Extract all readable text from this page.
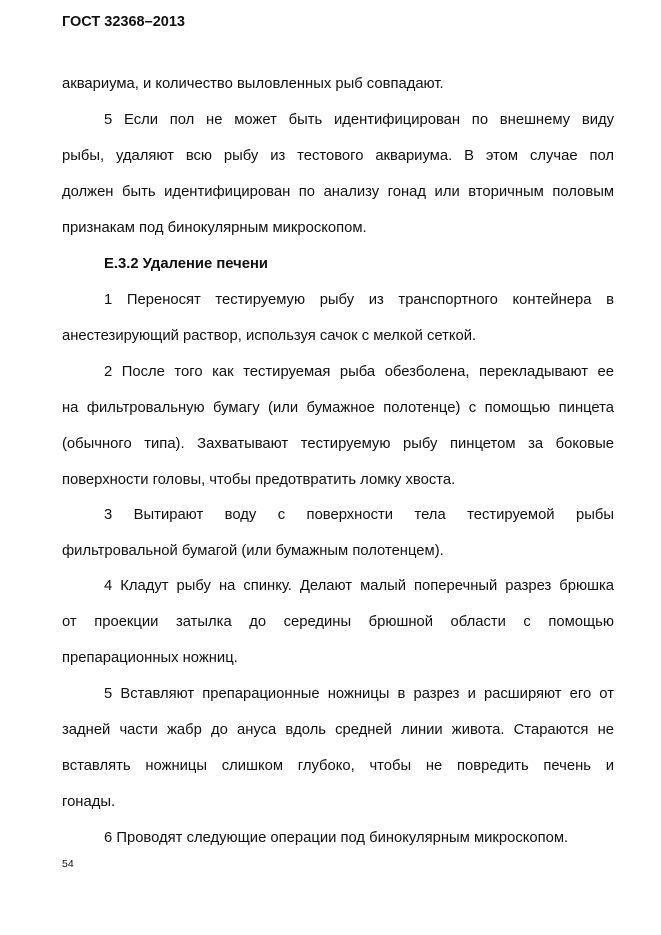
ГОСТ 32368–2013
аквариума, и количество выловленных рыб совпадают.
5 Если пол не может быть идентифицирован по внешнему виду
рыбы, удаляют всю рыбу из тестового аквариума. В этом случае пол
должен быть идентифицирован по анализу гонад или вторичным половым
признакам под бинокулярным микроскопом.
Е.3.2 Удаление печени
1 Переносят тестируемую рыбу из транспортного контейнера в
анестезирующий раствор, используя сачок с мелкой сеткой.
2 После того как тестируемая рыба обезболена, перекладывают ее
на фильтровальную бумагу (или бумажное полотенце) с помощью пинцета
(обычного типа). Захватывают тестируемую рыбу пинцетом за боковые
поверхности головы, чтобы предотвратить ломку хвоста.
3 Вытирают воду с поверхности тела тестируемой рыбы
фильтровальной бумагой (или бумажным полотенцем).
4 Кладут рыбу на спинку. Делают малый поперечный разрез брюшка
от проекции затылка до середины брюшной области с помощью
препарационных ножниц.
5 Вставляют препарационные ножницы в разрез и расширяют его от
задней части жабр до ануса вдоль средней линии живота. Стараются не
вставлять ножницы слишком глубоко, чтобы не повредить печень и
гонады.
6 Проводят следующие операции под бинокулярным микроскопом.
54
